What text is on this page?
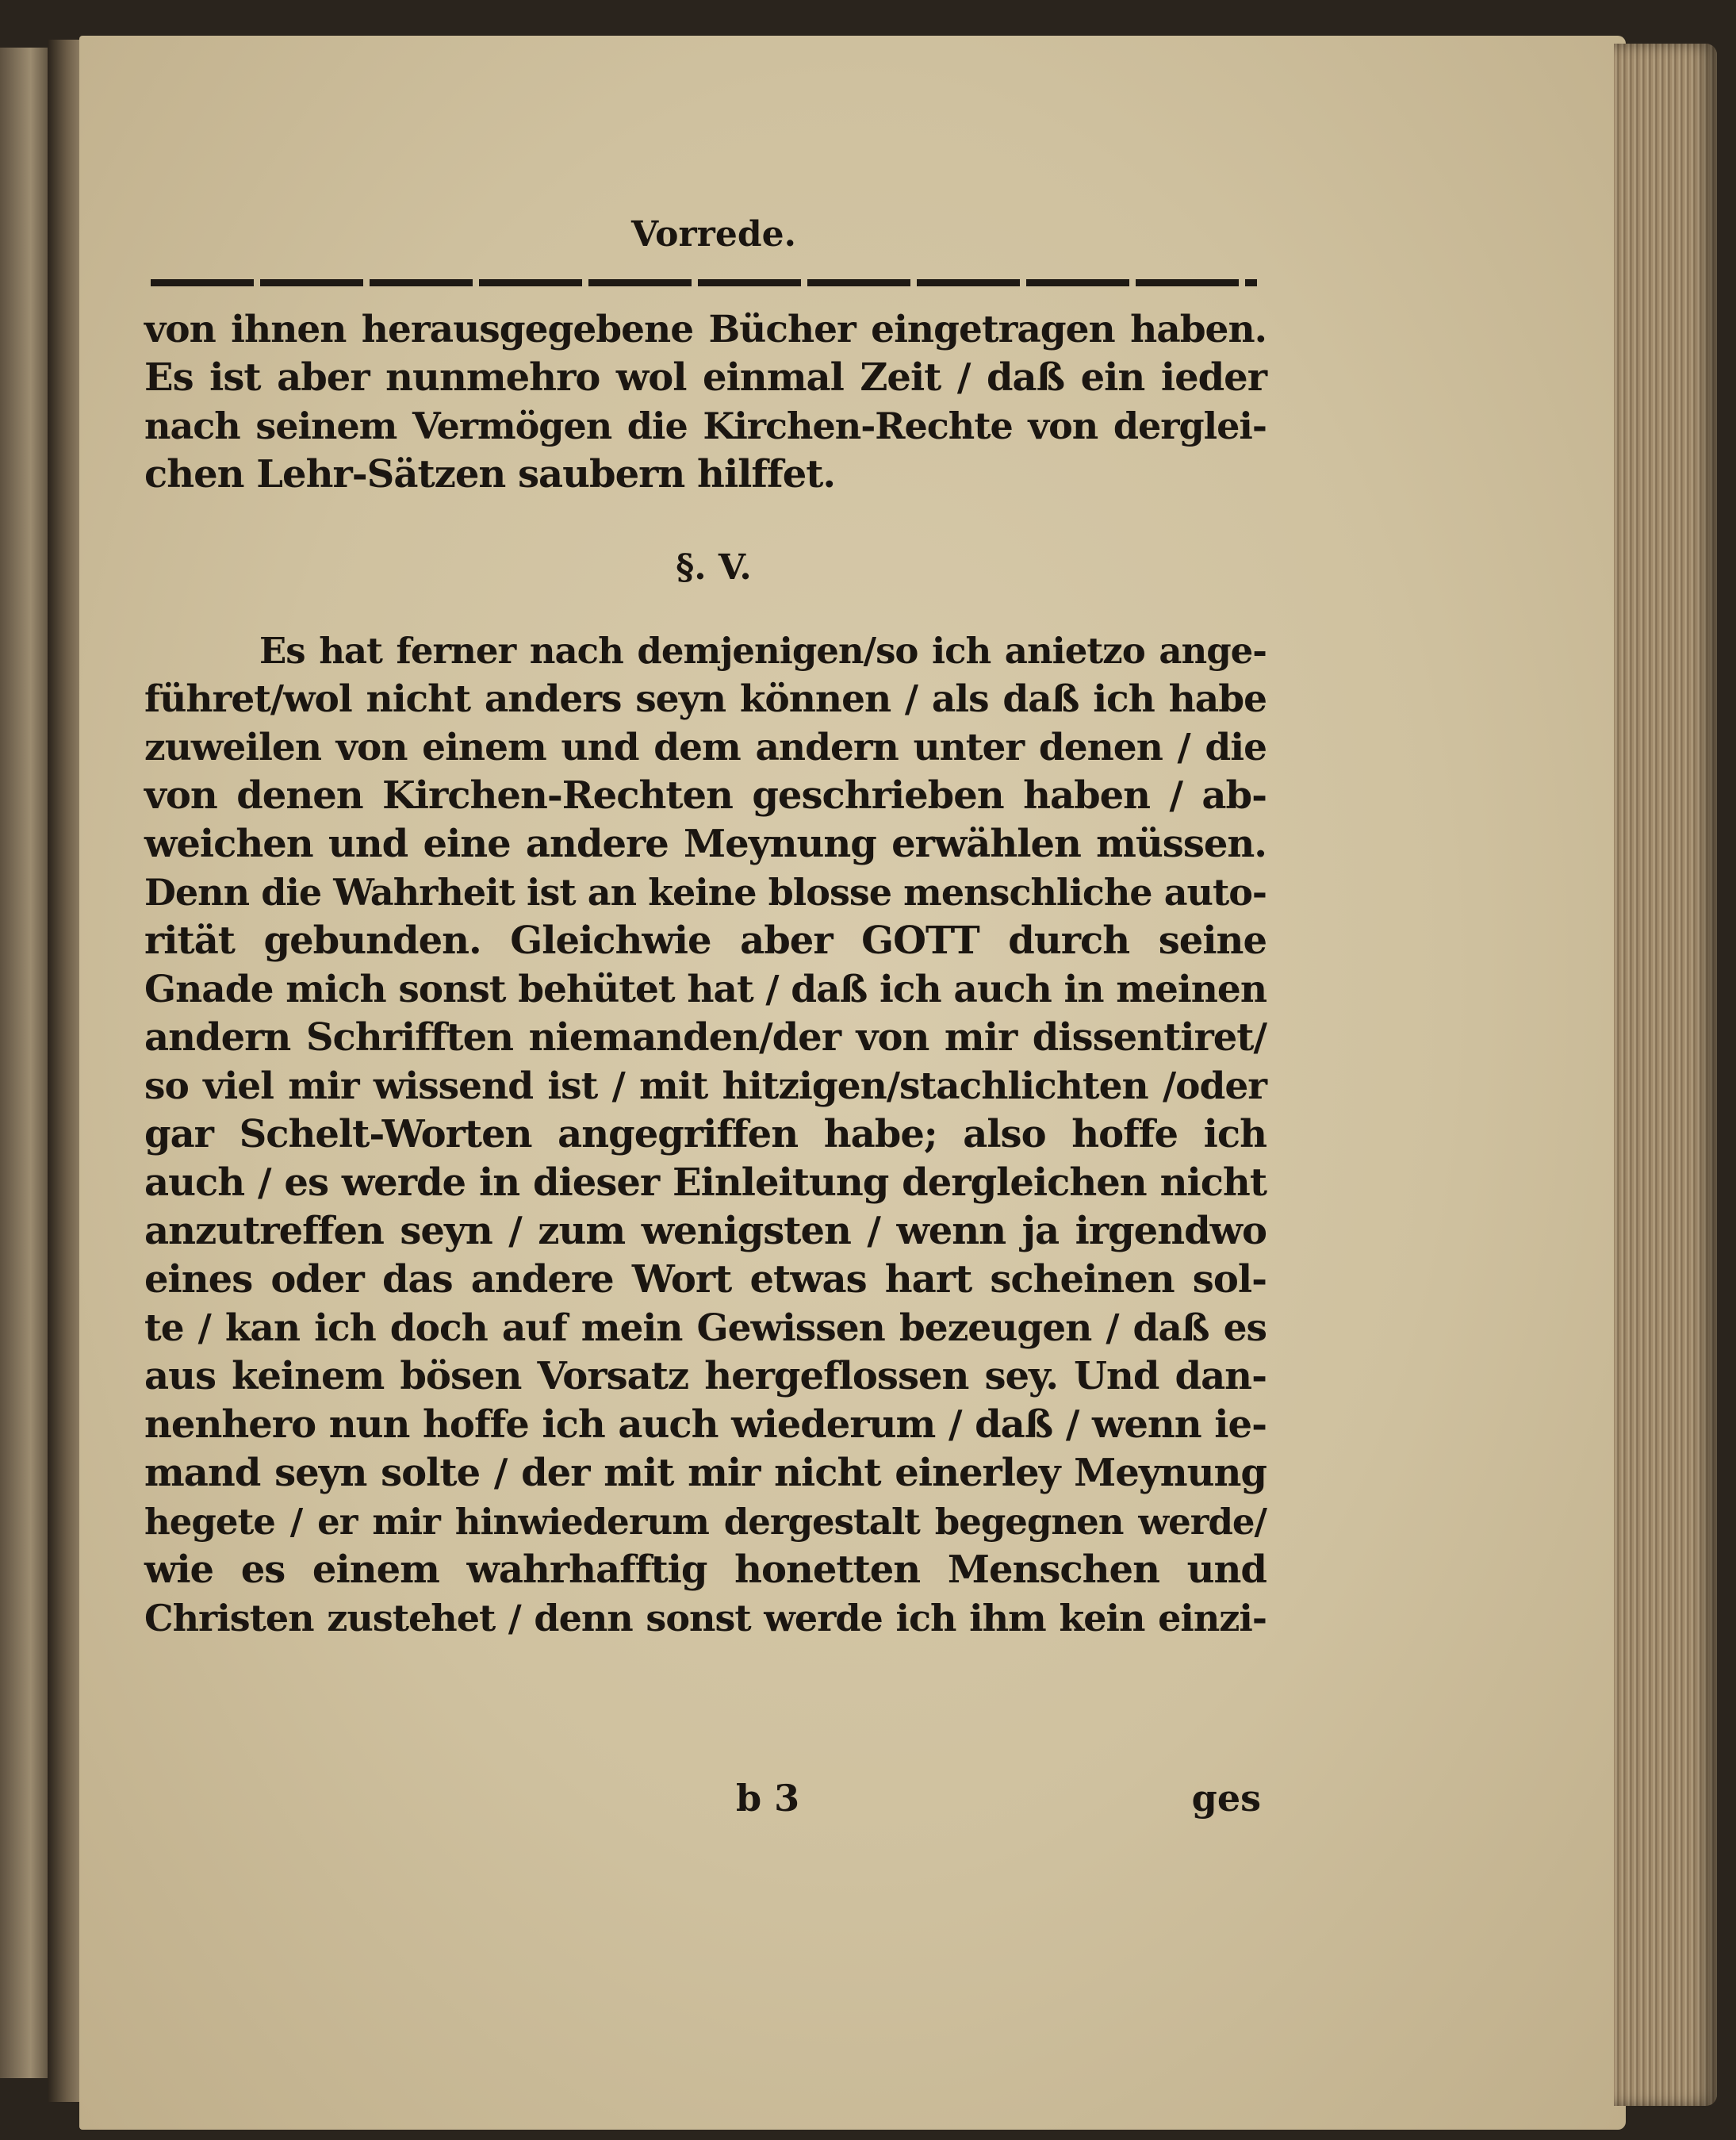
Vorrede.
von ihnen herausgegebene Bücher eingetragen haben.
Es ist aber nunmehro wol einmal Zeit / daß ein ieder
nach seinem Vermögen die Kirchen-Rechte von derglei-
chen Lehr-Sätzen saubern hilffet.
§. V.
Es hat ferner nach demjenigen/so ich anietzo ange-
führet/wol nicht anders seyn können / als daß ich habe
zuweilen von einem und dem andern unter denen / die
von denen Kirchen-Rechten geschrieben haben / ab-
weichen und eine andere Meynung erwählen müssen.
Denn die Wahrheit ist an keine blosse menschliche auto-
rität gebunden. Gleichwie aber GOTT durch seine
Gnade mich sonst behütet hat / daß ich auch in meinen
andern Schrifften niemanden/der von mir dissentiret/
so viel mir wissend ist / mit hitzigen/stachlichten /oder
gar Schelt-Worten angegriffen habe; also hoffe ich
auch / es werde in dieser Einleitung dergleichen nicht
anzutreffen seyn / zum wenigsten / wenn ja irgendwo
eines oder das andere Wort etwas hart scheinen sol-
te / kan ich doch auf mein Gewissen bezeugen / daß es
aus keinem bösen Vorsatz hergeflossen sey. Und dan-
nenhero nun hoffe ich auch wiederum / daß / wenn ie-
mand seyn solte / der mit mir nicht einerley Meynung
hegete / er mir hinwiederum dergestalt begegnen werde/
wie es einem wahrhafftig honetten Menschen und
Christen zustehet / denn sonst werde ich ihm kein einzi-
b 3	ges
